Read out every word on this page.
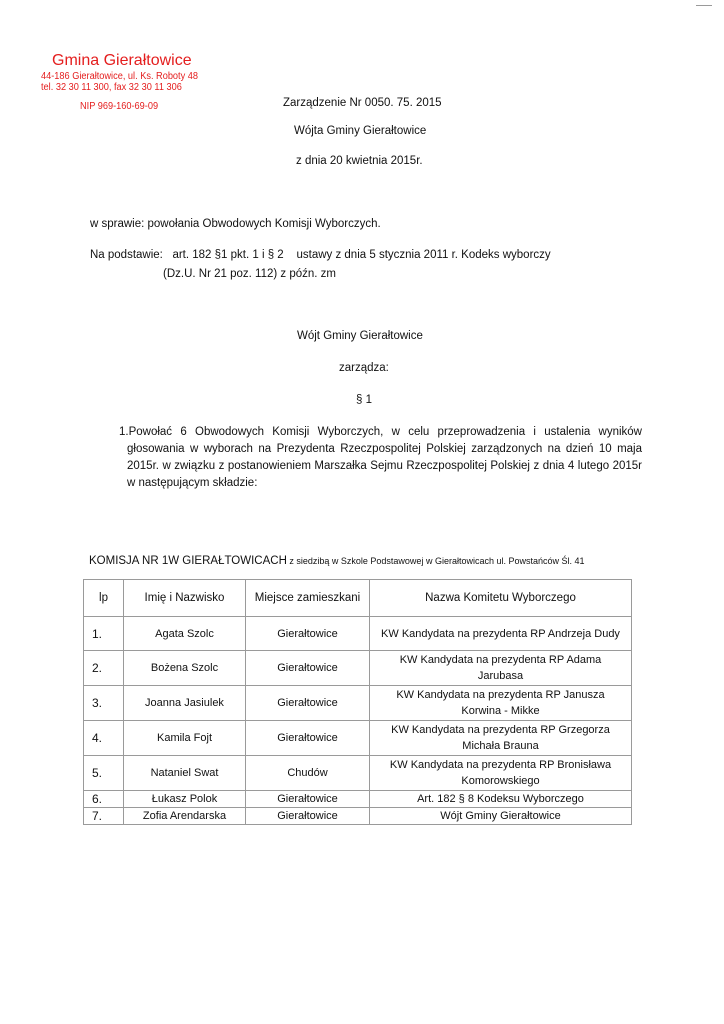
Gmina Gierałtowice
44-186 Gierałtowice, ul. Ks. Roboty 48
tel. 32 30 11 300, fax 32 30 11 306
NIP 969-160-69-09	Zarządzenie Nr 0050. 75. 2015
Wójta Gminy Gierałtowice
z dnia 20 kwietnia 2015r.
w sprawie: powołania Obwodowych Komisji Wyborczych.
Na podstawie:   art. 182 §1 pkt. 1 i § 2    ustawy z dnia 5 stycznia 2011 r. Kodeks wyborczy
(Dz.U. Nr 21 poz. 112) z późn. zm
Wójt Gminy Gierałtowice
zarządza:
§ 1
1.Powołać 6 Obwodowych Komisji Wyborczych, w celu przeprowadzenia i ustalenia wyników głosowania w wyborach na Prezydenta Rzeczpospolitej Polskiej zarządzonych na dzień 10 maja 2015r. w związku z postanowieniem Marszałka Sejmu Rzeczpospolitej Polskiej z dnia 4 lutego 2015r w następującym składzie:
KOMISJA NR 1W GIERAŁTOWICACH z siedzibą w Szkole Podstawowej w Gierałtowicach ul. Powstańców Śl. 41
lp	Imię i Nazwisko	Miejsce zamieszkani	Nazwa Komitetu Wyborczego
1.	Agata Szolc	Gierałtowice	KW Kandydata na prezydenta RP Andrzeja Dudy
2.	Bożena Szolc	Gierałtowice	KW Kandydata na prezydenta RP Adama Jarubasa
3.	Joanna Jasiulek	Gierałtowice	KW Kandydata na prezydenta RP Janusza Korwina - Mikke
4.	Kamila Fojt	Gierałtowice	KW Kandydata na prezydenta RP Grzegorza Michała Brauna
5.	Nataniel Swat	Chudów	KW Kandydata na prezydenta RP Bronisława Komorowskiego
6.	Łukasz Polok	Gierałtowice	Art. 182 § 8 Kodeksu Wyborczego
7.	Zofia Arendarska	Gierałtowice	Wójt Gminy Gierałtowice
